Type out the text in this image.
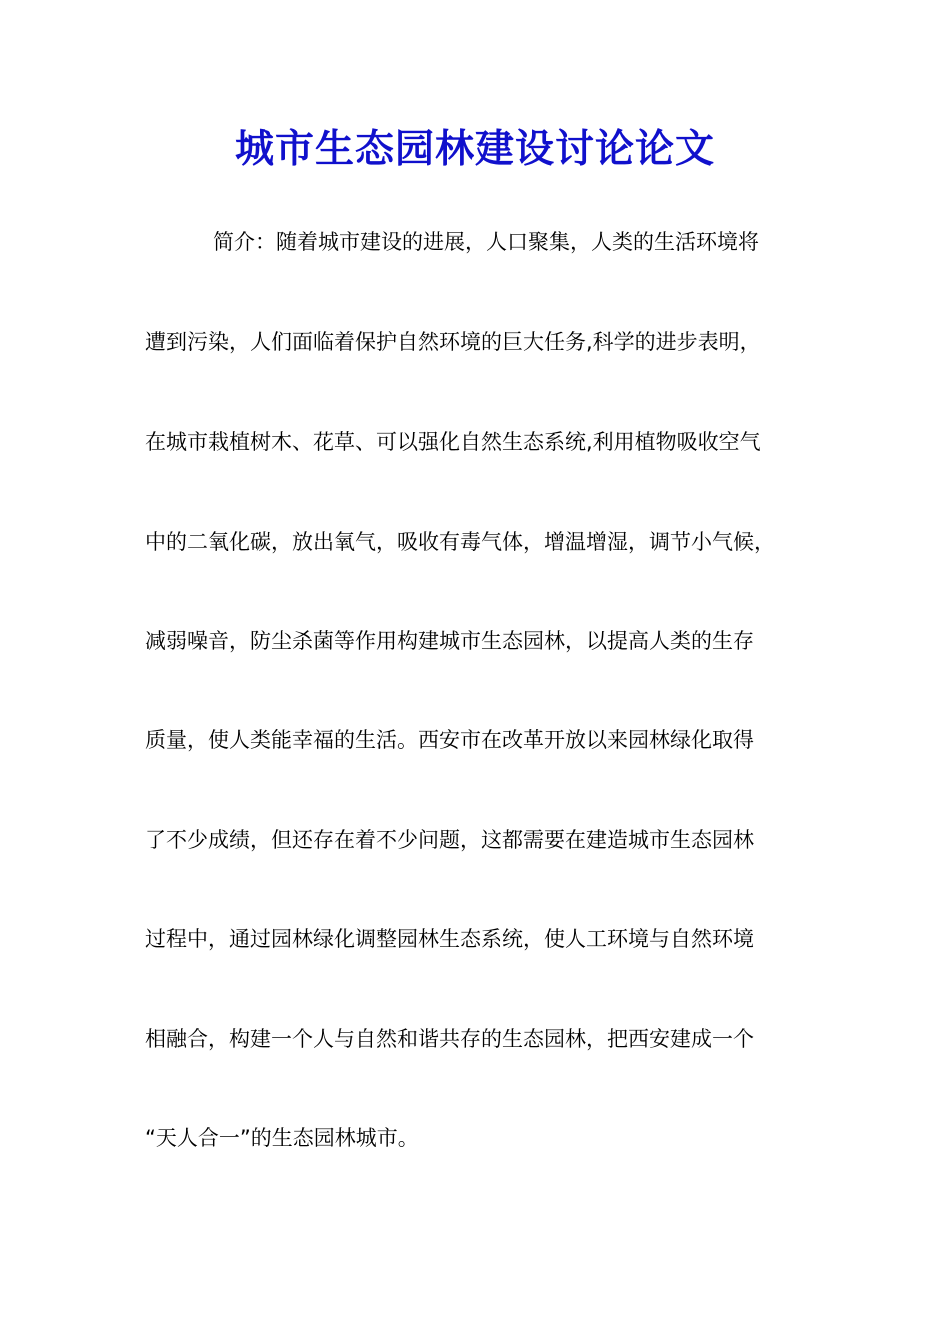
城市生态园林建设讨论论文
简介：随着城市建设的进展，人口聚集，人类的生活环境将
遭到污染，人们面临着保护自然环境的巨大任务,科学的进步表明，
在城市栽植树木、花草、可以强化自然生态系统,利用植物吸收空气
中的二氧化碳，放出氧气，吸收有毒气体，增温增湿，调节小气候，
减弱噪音，防尘杀菌等作用构建城市生态园林，以提高人类的生存
质量，使人类能幸福的生活。西安市在改革开放以来园林绿化取得
了不少成绩，但还存在着不少问题，这都需要在建造城市生态园林
过程中，通过园林绿化调整园林生态系统，使人工环境与自然环境
相融合，构建一个人与自然和谐共存的生态园林，把西安建成一个
“天人合一”的生态园林城市。
